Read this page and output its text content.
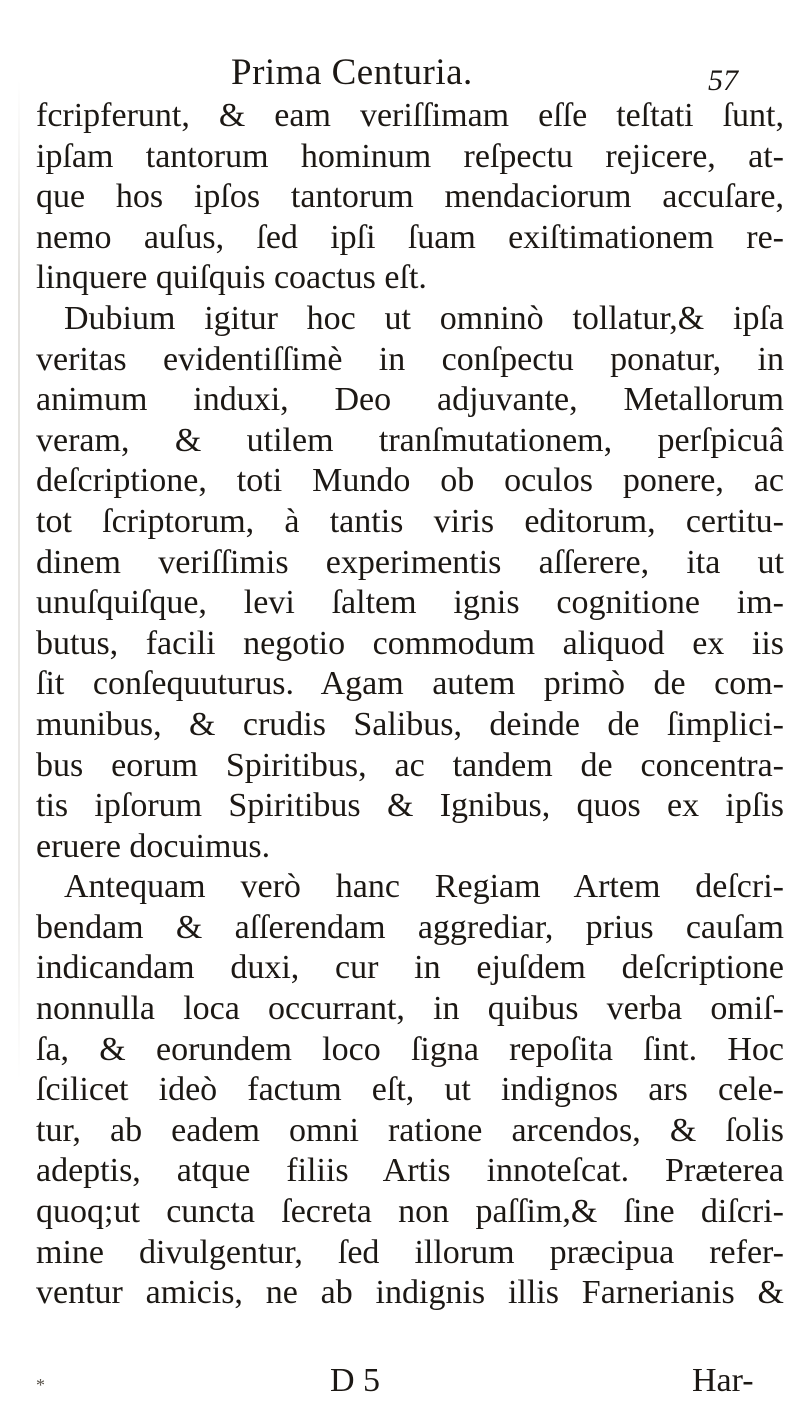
Prima Centuria.	57
fcripferunt, & eam veriſſimam eſſe teſtati ſunt,
ipſam tantorum hominum reſpectu rejicere, at-
que hos ipſos tantorum mendaciorum accuſare,
nemo auſus, ſed ipſi ſuam exiſtimationem re-
linquere quiſquis coactus eſt.
Dubium igitur hoc ut omninò tollatur,& ipſa
veritas evidentiſſimè in conſpectu ponatur, in
animum induxi, Deo adjuvante, Metallorum
veram, & utilem tranſmutationem, perſpicuâ
deſcriptione, toti Mundo ob oculos ponere, ac
tot ſcriptorum, à tantis viris editorum, certitu-
dinem veriſſimis experimentis aſſerere, ita ut
unuſquiſque, levi ſaltem ignis cognitione im-
butus, facili negotio commodum aliquod ex iis
ſit conſequuturus. Agam autem primò de com-
munibus, & crudis Salibus, deinde de ſimplici-
bus eorum Spiritibus, ac tandem de concentra-
tis ipſorum Spiritibus & Ignibus, quos ex ipſis
eruere docuimus.
Antequam verò hanc Regiam Artem deſcri-
bendam & aſſerendam aggrediar, prius cauſam
indicandam duxi, cur in ejuſdem deſcriptione
nonnulla loca occurrant, in quibus verba omiſ-
ſa, & eorundem loco ſigna repoſita ſint. Hoc
ſcilicet ideò factum eſt, ut indignos ars cele-
tur, ab eadem omni ratione arcendos, & ſolis
adeptis, atque filiis Artis innoteſcat. Præterea
quoq;ut cuncta ſecreta non paſſim,& ſine diſcri-
mine divulgentur, ſed illorum præcipua refer-
ventur amicis, ne ab indignis illis Farnerianis &
*	D 5	Har-
